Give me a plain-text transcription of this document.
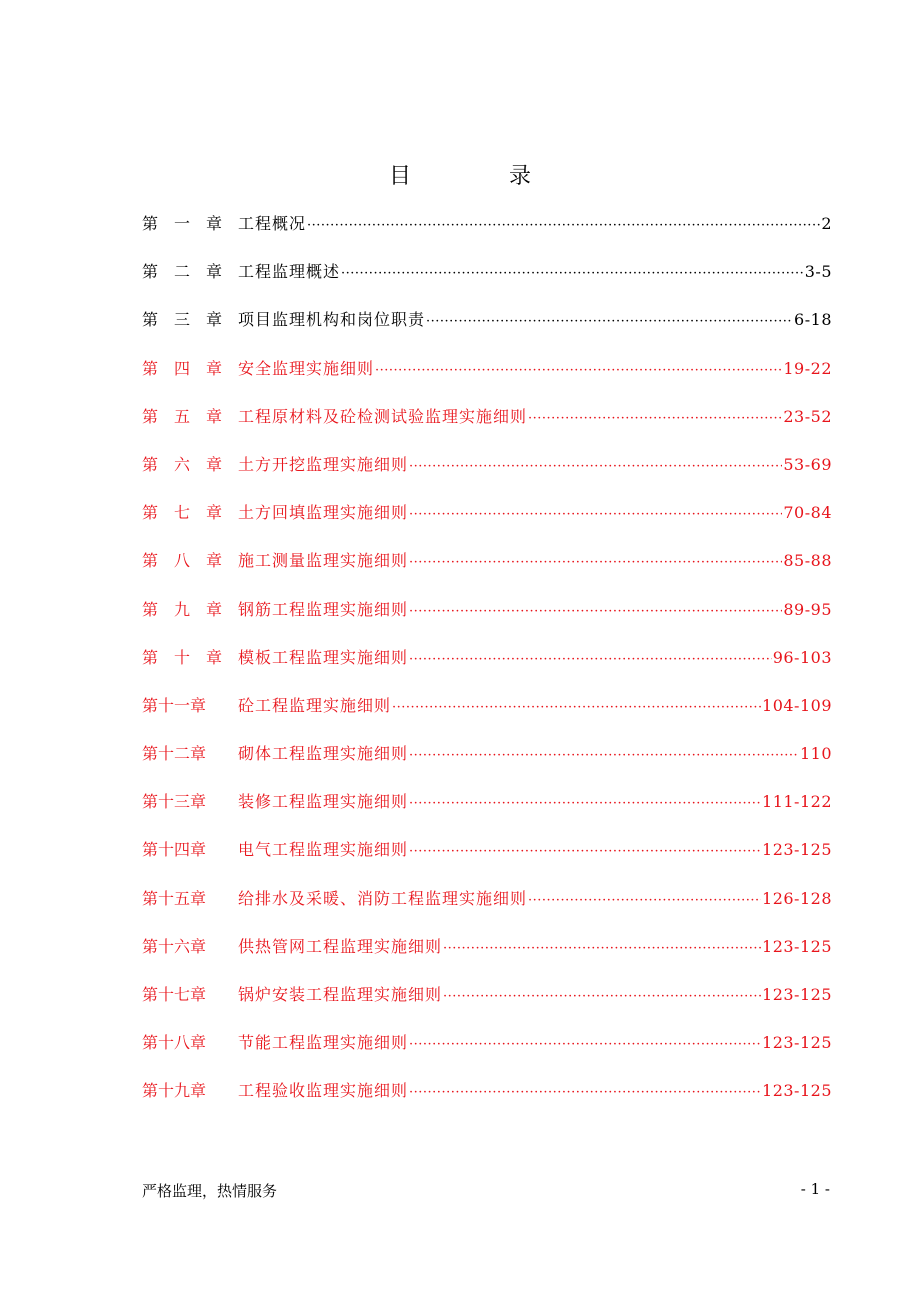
目　录
第　一　章 工程概况 ·····	2
第　二　章 工程监理概述 ·····	3-5
第　三　章 项目监理机构和岗位职责 ·····	6-18
第　四　章 安全监理实施细则 ·····	19-22
第　五　章 工程原材料及砼检测试验监理实施细则 ·····	23-52
第　六　章 土方开挖监理实施细则 ·····	53-69
第　七　章 土方回填监理实施细则 ·····	70-84
第　八　章 施工测量监理实施细则 ·····	85-88
第　九　章 钢筋工程监理实施细则 ·····	89-95
第　十　章 模板工程监理实施细则 ·····	96-103
第十一章	砼工程监理实施细则 ·····	104-109
第十二章	砌体工程监理实施细则 ·····	110
第十三章	装修工程监理实施细则 ·····	111-122
第十四章	电气工程监理实施细则 ·····	123-125
第十五章	给排水及采暖、消防工程监理实施细则 ·····	126-128
第十六章	供热管网工程监理实施细则 ·····	123-125
第十七章	锅炉安装工程监理实施细则 ·····	123-125
第十八章	节能工程监理实施细则 ·····	123-125
第十九章	工程验收监理实施细则 ·····	123-125
严格监理，热情服务	- 1 -
